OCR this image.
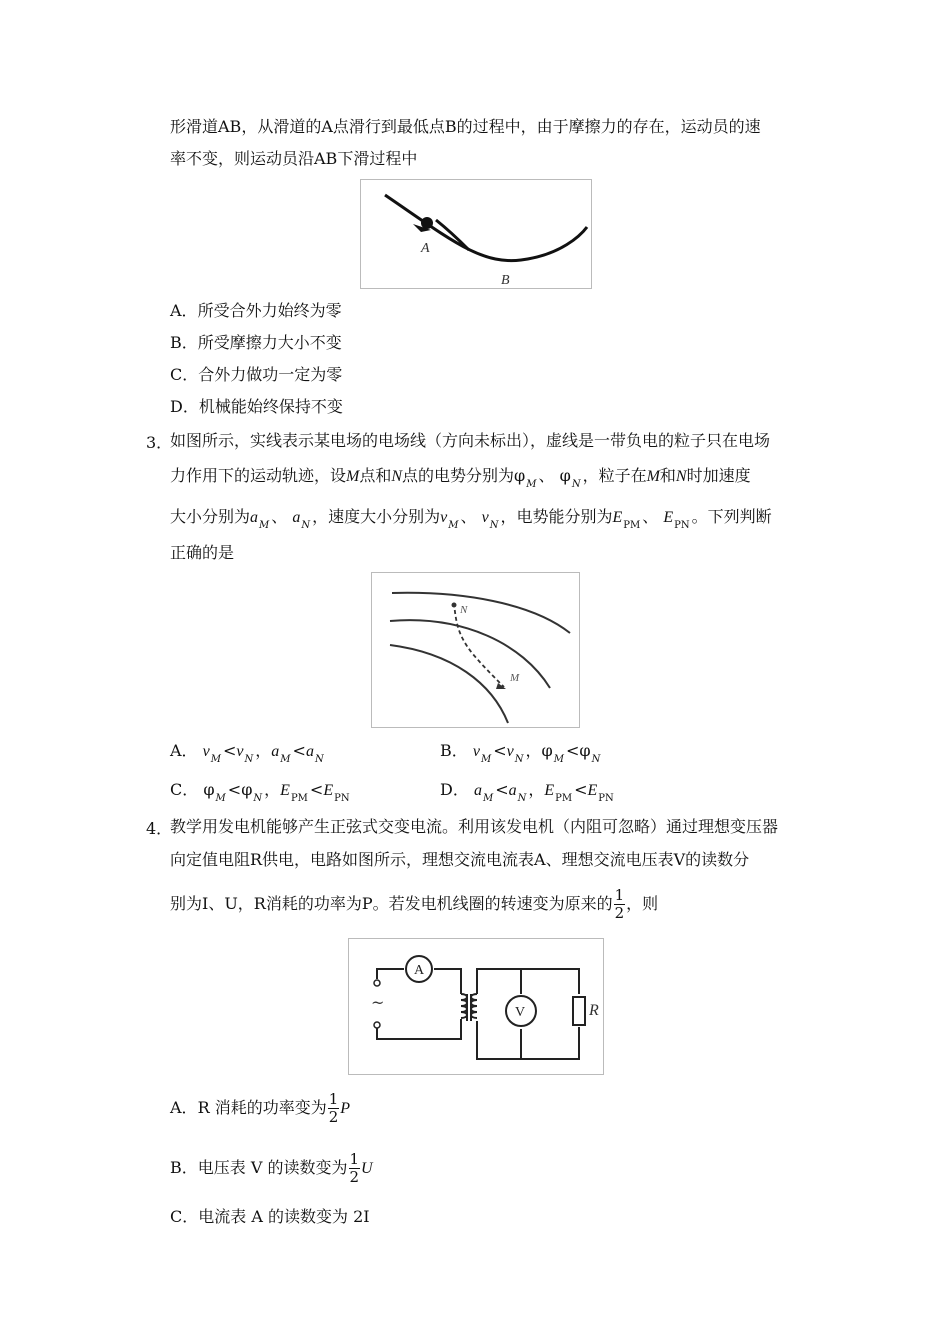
形滑道AB，从滑道的A点滑行到最低点B的过程中，由于摩擦力的存在，运动员的速
率不变，则运动员沿AB下滑过程中
A
B
A．所受合外力始终为零
B．所受摩擦力大小不变
C．合外力做功一定为零
D．机械能始终保持不变
3．
如图所示，实线表示某电场的电场线（方向未标出），虚线是一带负电的粒子只在电场
力作用下的运动轨迹，设M点和N点的电势分别为$\varphi_M$ 、 $\varphi_N$ ，粒子在M和N时加速度
大小分别为$a_M$ 、 $a_N$ ，速度大小分别为$v_M$ 、 $v_N$ ，电势能分别为$E_{PM}$ 、 $E_{PN}$ 。下列判断
正确的是
N
M
A． $v_M <v_N$ ，$a_M <a_N$	B． $v_M <v_N$ ，$\varphi_M <\varphi_N$
C． $\varphi_M <\varphi_N$ ，$E_{PM} <E_{PN}$	D． $a_M <a_N$ ，$E_{PM} <E_{PN}$
4．
教学用发电机能够产生正弦式交变电流。利用该发电机（内阻可忽略）通过理想变压器
向定值电阻R供电，电路如图所示，理想交流电流表A、理想交流电压表V的读数分
别为I、U，R消耗的功率为P。若发电机线圈的转速变为原来的 $\frac{1}{2}$ ，则
A
V	R
~
A．R 消耗的功率变为 $\frac{1}{2}$ P
B．电压表 V 的读数变为 $\frac{1}{2}$ U
C．电流表 A 的读数变为 2I
